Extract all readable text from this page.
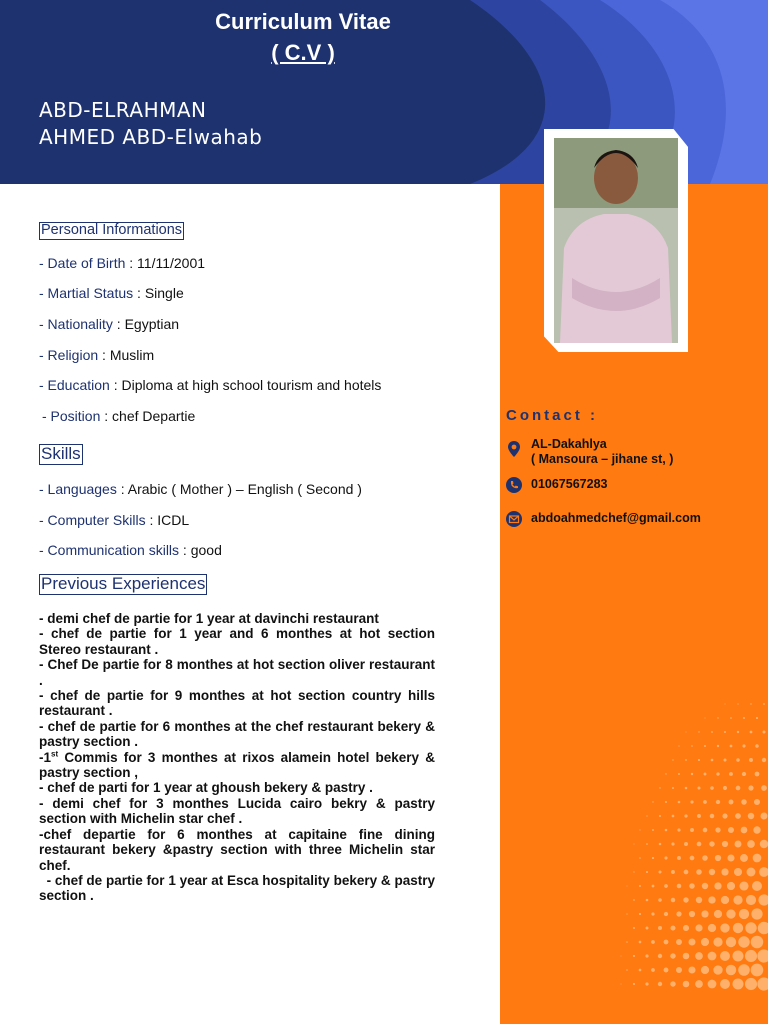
Curriculum Vitae
( C.V )
ABD-ELRAHMAN
AHMED ABD-Elwahab
Contact :
AL-Dakahlya
( Mansoura – jihane st, )
01067567283
abdoahmedchef@gmail.com
Personal Informations
- Date of Birth : 11/11/2001
- Martial Status : Single
- Nationality : Egyptian
- Religion : Muslim
- Education : Diploma at high school tourism and hotels
- Position : chef Departie
Skills
- Languages : Arabic ( Mother ) – English ( Second )
- Computer Skills : ICDL
- Communication skills : good
Previous Experiences

- demi chef de partie for 1 year at davinchi restaurant

- chef de partie for 1 year and 6 monthes at hot section Stereo restaurant .

- Chef De partie for 8 monthes at hot section oliver restaurant .

- chef de partie for 9 monthes at hot section country hills restaurant .

- chef de partie for 6 monthes at the chef restaurant bekery & pastry section .

-1st Commis for 3 monthes at rixos alamein hotel bekery & pastry section ,

- chef de parti for 1 year at ghoush bekery & pastry .

- demi chef for 3 monthes Lucida cairo bekry & pastry section with Michelin star chef .

-chef departie for 6 monthes at capitaine fine dining restaurant bekery &pastry section with three Michelin star chef.

- chef de partie for 1 year at Esca hospitality bekery & pastry section .
